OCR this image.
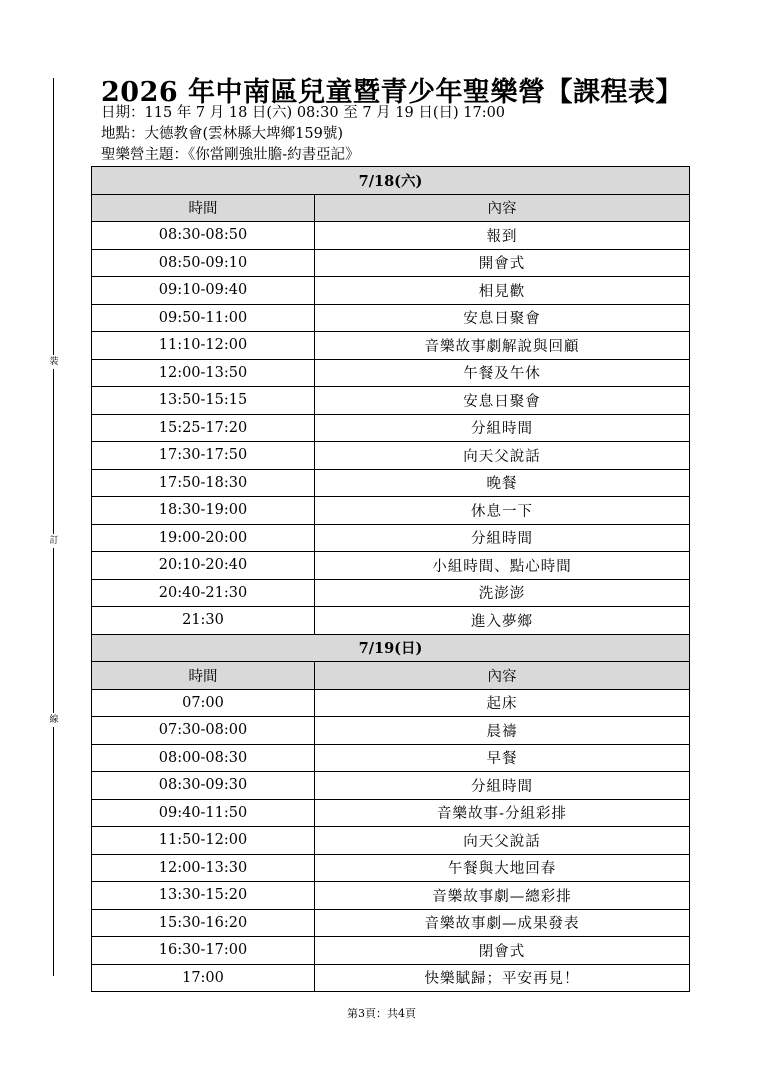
裝
訂
線
2026 年中南區兒童暨青少年聖樂營【課程表】
日期：115 年 7 月 18 日(六) 08:30 至 7 月 19 日(日) 17:00
地點：大德教會(雲林縣大埤鄉159號)
聖樂營主題：《你當剛強壯膽-約書亞記》
7/18(六)	
時間	內容
08:30-08:50	報到
08:50-09:10	開會式
09:10-09:40	相見歡
09:50-11:00	安息日聚會
11:10-12:00	音樂故事劇解說與回顧
12:00-13:50	午餐及午休
13:50-15:15	安息日聚會
15:25-17:20	分組時間
17:30-17:50	向天父說話
17:50-18:30	晚餐
18:30-19:00	休息一下
19:00-20:00	分組時間
20:10-20:40	小組時間、點心時間
20:40-21:30	洗澎澎
21:30	進入夢鄉
7/19(日)	
時間	內容
07:00	起床
07:30-08:00	晨禱
08:00-08:30	早餐
08:30-09:30	分組時間
09:40-11:50	音樂故事-分組彩排
11:50-12:00	向天父說話
12:00-13:30	午餐與大地回春
13:30-15:20	音樂故事劇—總彩排
15:30-16:20	音樂故事劇—成果發表
16:30-17:00	閉會式
17:00	快樂賦歸；平安再見！
第3頁：共4頁
